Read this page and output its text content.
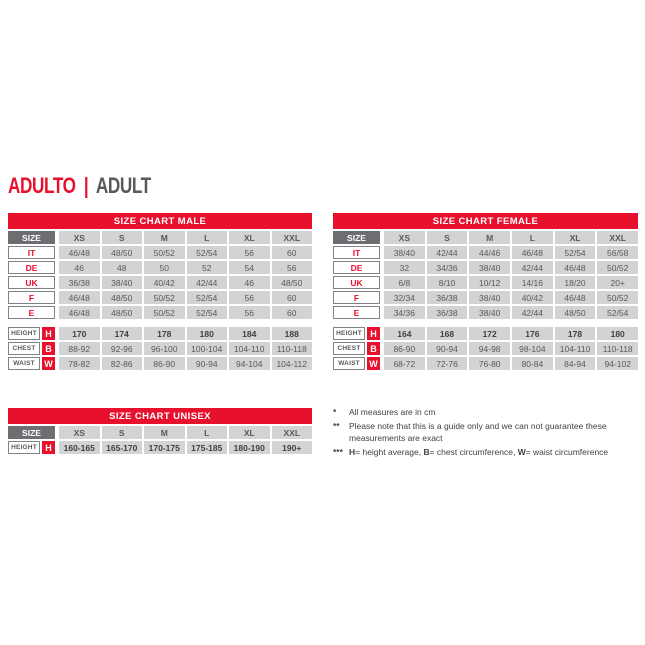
ADULTO | ADULT
SIZE CHART MALE
SIZE	XS	S	M	L	XL	XXL
IT	46/48	48/50	50/52	52/54	56	60
DE	46	48	50	52	54	56
UK	36/38	38/40	40/42	42/44	46	48/50
F	46/48	48/50	50/52	52/54	56	60
E	46/48	48/50	50/52	52/54	56	60
HEIGHT H	170	174	178	180	184	188
CHEST	B	88-92	92-96	96-100	100-104	104-110	110-118
WAIST	W	78-82	82-86	86-90	90-94	94-104	104-112
SIZE CHART FEMALE
SIZE	XS	S	M	L	XL	XXL
IT	38/40	42/44	44/46	46/48	52/54	56/58
DE	32	34/36	38/40	42/44	46/48	50/52
UK	6/8	8/10	10/12	14/16	18/20	20+
F	32/34	36/38	38/40	40/42	46/48	50/52
E	34/36	36/38	38/40	42/44	48/50	52/54
HEIGHT H	164	168	172	176	178	180
CHEST	B	86-90	90-94	94-98	98-104	104-110	110-118
WAIST	W	68-72	72-76	76-80	80-84	84-94	94-102
SIZE CHART UNISEX
SIZE	XS	S	M	L	XL	XXL
HEIGHT H	160-165	165-170	170-175	175-185	180-190	190+
*	All measures are in cm
**	Please note that this is a guide only and we can not guarantee these measurements are exact
*** H= height average, B= chest circumference, W= waist circumference
